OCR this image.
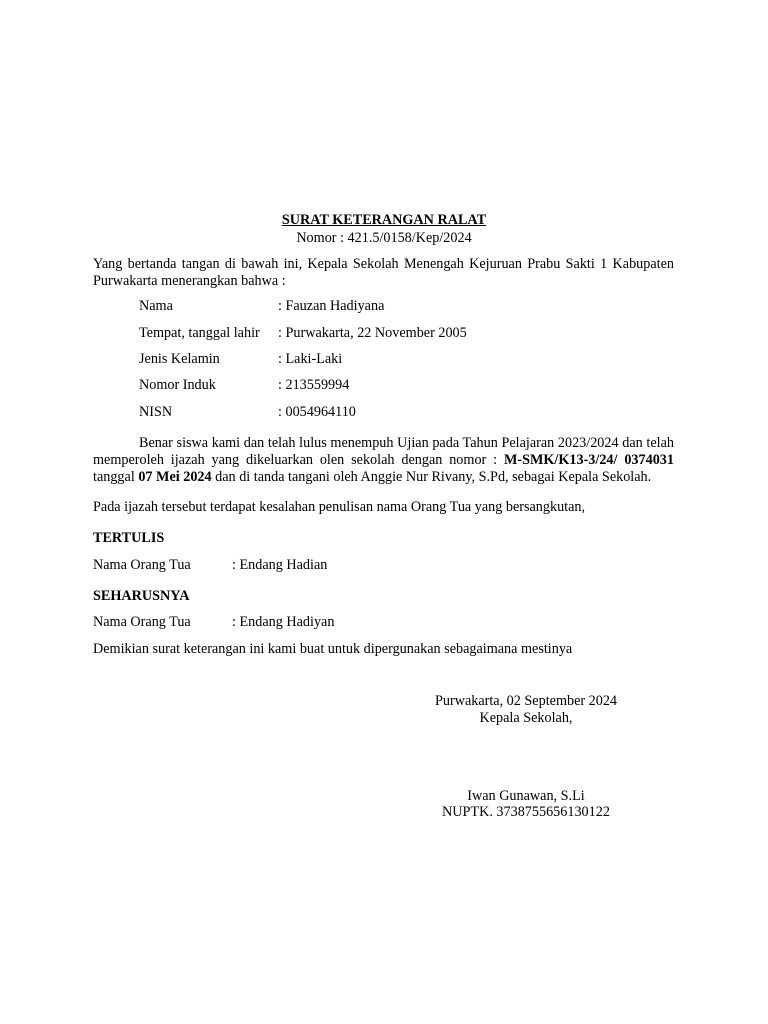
SURAT KETERANGAN RALAT
Nomor : 421.5/0158/Kep/2024
Yang bertanda tangan di bawah ini, Kepala Sekolah Menengah Kejuruan Prabu Sakti 1 Kabupaten Purwakarta menerangkan bahwa :
Nama	: Fauzan Hadiyana
Tempat, tanggal lahir : Purwakarta, 22 November 2005
Jenis Kelamin	: Laki-Laki
Nomor Induk	: 213559994
NISN	: 0054964110
Benar siswa kami dan telah lulus menempuh Ujian pada Tahun Pelajaran 2023/2024 dan telah memperoleh ijazah yang dikeluarkan olen sekolah dengan nomor : M-SMK/K13-3/24/ 0374031 tanggal 07 Mei 2024 dan di tanda tangani oleh Anggie Nur Rivany, S.Pd, sebagai Kepala Sekolah.
Pada ijazah tersebut terdapat kesalahan penulisan nama Orang Tua yang bersangkutan,
TERTULIS
Nama Orang Tua	: Endang Hadian
SEHARUSNYA
Nama Orang Tua	: Endang Hadiyan
Demikian surat keterangan ini kami buat untuk dipergunakan sebagaimana mestinya
Purwakarta, 02 September 2024
Kepala Sekolah,
Iwan Gunawan, S.Li
NUPTK. 3738755656130122
